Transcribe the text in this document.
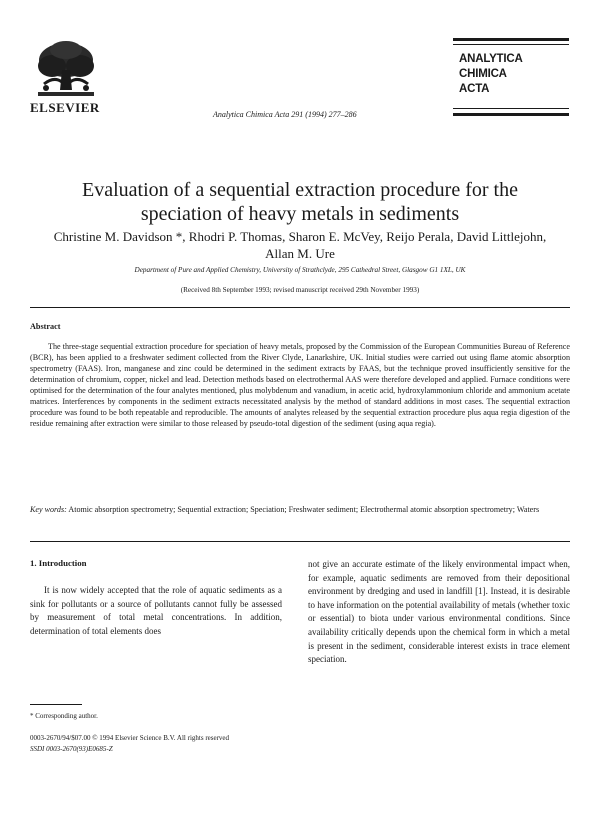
ELSEVIER	Analytica Chimica Acta 291 (1994) 277–286
ANALYTICA
CHIMICA
ACTA
Evaluation of a sequential extraction procedure for the speciation of heavy metals in sediments
Christine M. Davidson *, Rhodri P. Thomas, Sharon E. McVey, Reijo Perala, David Littlejohn, Allan M. Ure
Department of Pure and Applied Chemistry, University of Strathclyde, 295 Cathedral Street, Glasgow G1 1XL, UK
(Received 8th September 1993; revised manuscript received 29th November 1993)
Abstract
The three-stage sequential extraction procedure for speciation of heavy metals, proposed by the Commission of the European Communities Bureau of Reference (BCR), has been applied to a freshwater sediment collected from the River Clyde, Lanarkshire, UK. Initial studies were carried out using flame atomic absorption spectrometry (FAAS). Iron, manganese and zinc could be determined in the sediment extracts by FAAS, but the technique proved insufficiently sensitive for the determination of chromium, copper, nickel and lead. Detection methods based on electrothermal AAS were therefore developed and applied. Furnace conditions were optimised for the determination of the four analytes mentioned, plus molybdenum and vanadium, in acetic acid, hydroxylammonium chloride and ammonium acetate matrices. Interferences by components in the sediment extracts necessitated analysis by the method of standard additions in most cases. The sequential extraction procedure was found to be both repeatable and reproducible. The amounts of analytes released by the sequential extraction procedure plus aqua regia digestion of the residue remaining after extraction were similar to those released by pseudo-total digestion of the sediment (using aqua regia).
Key words: Atomic absorption spectrometry; Sequential extraction; Speciation; Freshwater sediment; Electrothermal atomic absorption spectrometry; Waters
1. Introduction
It is now widely accepted that the role of aquatic sediments as a sink for pollutants or a source of pollutants cannot fully be assessed by measurement of total metal concentrations. In addition, determination of total elements does
not give an accurate estimate of the likely environmental impact when, for example, aquatic sediments are removed from their depositional environment by dredging and used in landfill [1]. Instead, it is desirable to have information on the potential availability of metals (whether toxic or essential) to biota under various environmental conditions. Since availability critically depends upon the chemical form in which a metal is present in the sediment, considerable interest exists in trace element speciation.
* Corresponding author.
0003-2670/94/$07.00 © 1994 Elsevier Science B.V. All rights reserved
SSDI 0003-2670(93)E0685-Z
